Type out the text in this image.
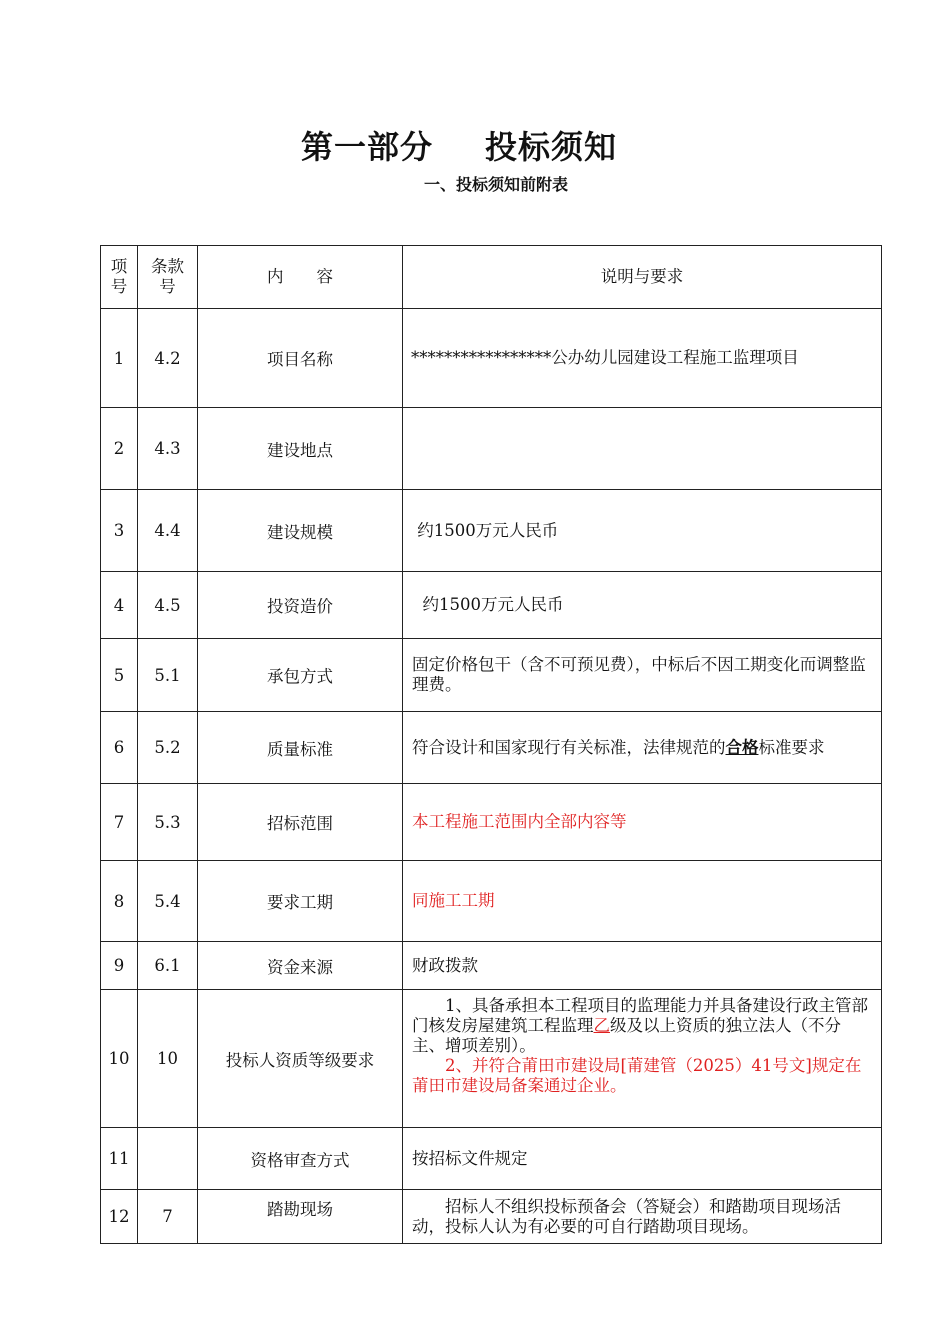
第一部分 投标须知
一、投标须知前附表
项号	条款号	内　　容	说明与要求
1	4.2	项目名称	*****************公办幼儿园建设工程施工监理项目
2	4.3	建设地点	
3	4.4	建设规模	约1500万元人民币
4	4.5	投资造价	约1500万元人民币
5	5.1	承包方式	固定价格包干（含不可预见费），中标后不因工期变化而调整监理费。
6	5.2	质量标准	符合设计和国家现行有关标准，法律规范的合格标准要求
7	5.3	招标范围	本工程施工范围内全部内容等
8	5.4	要求工期	同施工工期
9	6.1	资金来源	财政拨款
10	10	投标人资质等级要求	1、具备承担本工程项目的监理能力并具备建设行政主管部门核发房屋建筑工程监理乙级及以上资质的独立法人（不分主、增项差别）。
2、并符合莆田市建设局[莆建管（2025）41号文]规定在莆田市建设局备案通过企业。

11		资格审查方式	按招标文件规定
12	7	踏勘现场	招标人不组织投标预备会（答疑会）和踏勘项目现场活动，投标人认为有必要的可自行踏勘项目现场。
